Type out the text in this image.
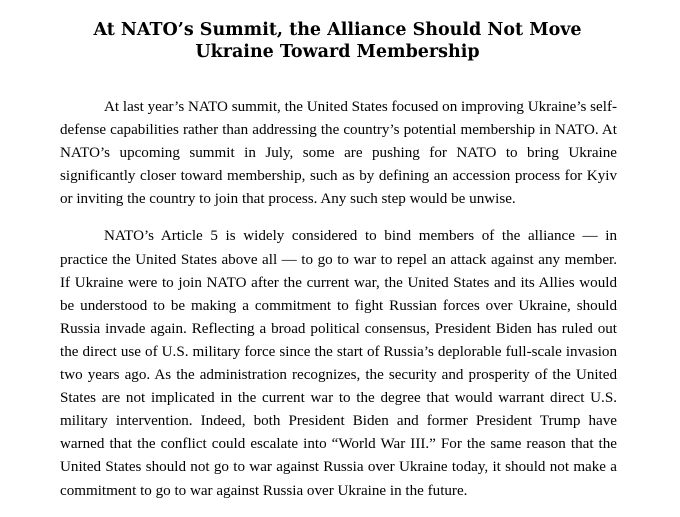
At NATO’s Summit, the Alliance Should Not Move
Ukraine Toward Membership

At last year’s NATO summit, the United States focused on improving Ukraine’s self-defense capabilities rather than addressing the country’s potential membership in NATO. At NATO’s upcoming summit in July, some are pushing for NATO to bring Ukraine significantly closer toward membership, such as by defining an accession process for Kyiv or inviting the country to join that process. Any such step would be unwise.

NATO’s Article 5 is widely considered to bind members of the alliance — in practice the United States above all — to go to war to repel an attack against any member. If Ukraine were to join NATO after the current war, the United States and its Allies would be understood to be making a commitment to fight Russian forces over Ukraine, should Russia invade again. Reflecting a broad political consensus, President Biden has ruled out the direct use of U.S. military force since the start of Russia’s deplorable full-scale invasion two years ago. As the administration recognizes, the security and prosperity of the United States are not implicated in the current war to the degree that would warrant direct U.S. military intervention. Indeed, both President Biden and former President Trump have warned that the conflict could escalate into “World War III.” For the same reason that the United States should not go to war against Russia over Ukraine today, it should not make a commitment to go to war against Russia over Ukraine in the future.
